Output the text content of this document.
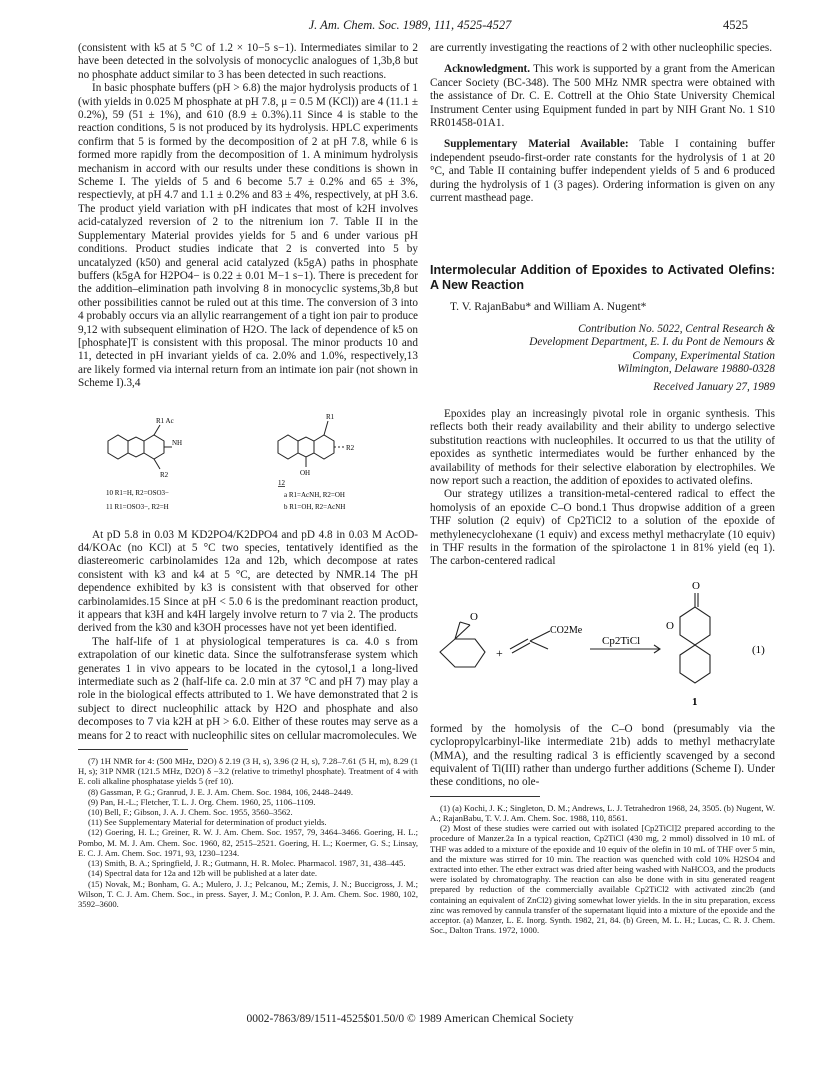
J. Am. Chem. Soc. 1989, 111, 4525-4527	4525

(consistent with k5 at 5 °C of 1.2 × 10−5 s−1). Intermediates similar to 2 have been detected in the solvolysis of monocyclic analogues of 1,3b,8 but no phosphate adduct similar to 3 has been detected in such reactions.

In basic phosphate buffers (pH > 6.8) the major hydrolysis products of 1 (with yields in 0.025 M phosphate at pH 7.8, μ = 0.5 M (KCl)) are 4 (11.1 ± 0.2%), 59 (51 ± 1%), and 610 (8.9 ± 0.3%).11 Since 4 is stable to the reaction conditions, 5 is not produced by its hydrolysis. HPLC experiments confirm that 5 is formed by the decomposition of 2 at pH 7.8, while 6 is formed more rapidly from the decomposition of 1. A minimum hydrolysis mechanism in accord with our results under these conditions is shown in Scheme I. The yields of 5 and 6 become 5.7 ± 0.2% and 65 ± 3%, respectievly, at pH 4.7 and 1.1 ± 0.2% and 83 ± 4%, respectively, at pH 3.6. The product yield variation with pH indicates that most of k2H involves acid-catalyzed reversion of 2 to the nitrenium ion 7. Table II in the Supplementary Material provides yields for 5 and 6 under various pH conditions. Product studies indicate that 2 is converted into 5 by uncatalyzed (k50) and general acid catalyzed (k5gA) paths in phosphate buffers (k5gA for H2PO4− is 0.22 ± 0.01 M−1 s−1). There is precedent for the addition–elimination path involving 8 in monocyclic systems,3b,8 but other possibilities cannot be ruled out at this time. The conversion of 3 into 4 probably occurs via an allylic rearrangement of a tight ion pair to produce 9,12 with subsequent elimination of H2O. The lack of dependence of k5 on [phosphate]T is consistent with this proposal. The minor products 10 and 11, detected in pH invariant yields of ca. 2.0% and 1.0%, respectively,13 are likely formed via internal return from an intimate ion pair (not shown in Scheme I).3,4

R1 Ac
NH
R2
10 R1=H, R2=OSO3−
11 R1=OSO3−, R2=H
R1
R2
OH
12
a R1=AcNH, R2=OH
b R1=OH, R2=AcNH

At pD 5.8 in 0.03 M KD2PO4/K2DPO4 and pD 4.8 in 0.03 M AcOD-d4/KOAc (no KCl) at 5 °C two species, tentatively identified as the diastereomeric carbinolamides 12a and 12b, which decompose at rates consistent with k3 and k4 at 5 °C, are detected by NMR.14 The pH dependence exhibited by k3 is consistent with that observed for other carbinolamides.15 Since at pH < 5.0 6 is the predominant reaction product, it appears that k3H and k4H largely involve return to 7 via 2. The products derived from the k30 and k3OH processes have not yet been identified.

The half-life of 1 at physiological temperatures is ca. 4.0 s from extrapolation of our kinetic data. Since the sulfotransferase system which generates 1 in vivo appears to be located in the cytosol,1 a long-lived intermediate such as 2 (half-life ca. 2.0 min at 37 °C and pH 7) may play a role in the biological effects attributed to 1. We have demonstrated that 2 is subject to direct nucleophilic attack by H2O and phosphate and also decomposes to 7 via k2H at pH > 6.0. Either of these routes may serve as a means for 2 to react with nucleophilic sites on cellular macromolecules. We

(7) 1H NMR for 4: (500 MHz, D2O) δ 2.19 (3 H, s), 3.96 (2 H, s), 7.28–7.61 (5 H, m), 8.29 (1 H, s); 31P NMR (121.5 MHz, D2O) δ −3.2 (relative to trimethyl phosphate). Treatment of 4 with E. coli alkaline phosphatase yields 5 (ref 10).

(8) Gassman, P. G.; Granrud, J. E. J. Am. Chem. Soc. 1984, 106, 2448–2449.

(9) Pan, H.-L.; Fletcher, T. L. J. Org. Chem. 1960, 25, 1106–1109.

(10) Bell, F.; Gibson, J. A. J. Chem. Soc. 1955, 3560–3562.

(11) See Supplementary Material for determination of product yields.

(12) Goering, H. L.; Greiner, R. W. J. Am. Chem. Soc. 1957, 79, 3464–3466. Goering, H. L.; Pombo, M. M. J. Am. Chem. Soc. 1960, 82, 2515–2521. Goering, H. L.; Koermer, G. S.; Linsay, E. C. J. Am. Chem. Soc. 1971, 93, 1230–1234.

(13) Smith, B. A.; Springfield, J. R.; Gutmann, H. R. Molec. Pharmacol. 1987, 31, 438–445.

(14) Spectral data for 12a and 12b will be published at a later date.

(15) Novak, M.; Bonham, G. A.; Mulero, J. J.; Pelcanou, M.; Zemis, J. N.; Buccigross, J. M.; Wilson, T. C. J. Am. Chem. Soc., in press. Sayer, J. M.; Conlon, P. J. Am. Chem. Soc. 1980, 102, 3592–3600.

are currently investigating the reactions of 2 with other nucleophilic species.

Acknowledgment. This work is supported by a grant from the American Cancer Society (BC-348). The 500 MHz NMR spectra were obtained with the assistance of Dr. C. E. Cottrell at the Ohio State University Chemical Instrument Center using Equipment funded in part by NIH Grant No. 1 S10 RR01458-01A1.

Supplementary Material Available: Table I containing buffer independent pseudo-first-order rate constants for the hydrolysis of 1 at 20 °C, and Table II containing buffer independent yields of 5 and 6 produced during the hydrolysis of 1 (3 pages). Ordering information is given on any current masthead page.

Intermolecular Addition of Epoxides to Activated Olefins: A New Reaction
T. V. RajanBabu* and William A. Nugent*
Contribution No. 5022, Central Research &
Development Department, E. I. du Pont de Nemours &
Company, Experimental Station
Wilmington, Delaware 19880-0328
Received January 27, 1989

Epoxides play an increasingly pivotal role in organic synthesis. This reflects both their ready availability and their ability to undergo selective substitution reactions with nucleophiles. It occurred to us that the utility of epoxides as synthetic intermediates would be further enhanced by the availability of methods for their selective elaboration by electrophiles. We now report such a reaction, the addition of epoxides to activated olefins.

Our strategy utilizes a transition-metal-centered radical to effect the homolysis of an epoxide C–O bond.1 Thus dropwise addition of a green THF solution (2 equiv) of Cp2TiCl2 to a solution of the epoxide of methylenecyclohexane (1 equiv) and excess methyl methacrylate (10 equiv) in THF results in the formation of the spirolactone 1 in 81% yield (eq 1). The carbon-centered radical

O
+
CO2Me
Cp2TiCl
O
O
(1)
1

formed by the homolysis of the C–O bond (presumably via the cyclopropylcarbinyl-like intermediate 21b) adds to methyl methacrylate (MMA), and the resulting radical 3 is efficiently scavenged by a second equivalent of Ti(III) rather than undergo further additions (Scheme I). Under these conditions, no ole-

(1) (a) Kochi, J. K.; Singleton, D. M.; Andrews, L. J. Tetrahedron 1968, 24, 3505. (b) Nugent, W. A.; RajanBabu, T. V. J. Am. Chem. Soc. 1988, 110, 8561.

(2) Most of these studies were carried out with isolated [Cp2TiCl]2 prepared according to the procedure of Manzer.2a In a typical reaction, Cp2TiCl (430 mg, 2 mmol) dissolved in 10 mL of THF was added to a mixture of the epoxide and 10 equiv of the olefin in 10 mL of THF over 5 min, and the mixture was stirred for 10 min. The reaction was quenched with cold 10% H2SO4 and extracted into ether. The ether extract was dried after being washed with NaHCO3, and the products were isolated by chromatography. The reaction can also be done with in situ generated reagent prepared by reduction of the commercially available Cp2TiCl2 with activated zinc2b (and containing an equivalent of ZnCl2) giving somewhat lower yields. In the in situ preparation, excess zinc was removed by cannula transfer of the supernatant liquid into a mixture of the epoxide and the acceptor. (a) Manzer, L. E. Inorg. Synth. 1982, 21, 84. (b) Green, M. L. H.; Lucas, C. R. J. Chem. Soc., Dalton Trans. 1972, 1000.

0002-7863/89/1511-4525$01.50/0 © 1989 American Chemical Society
